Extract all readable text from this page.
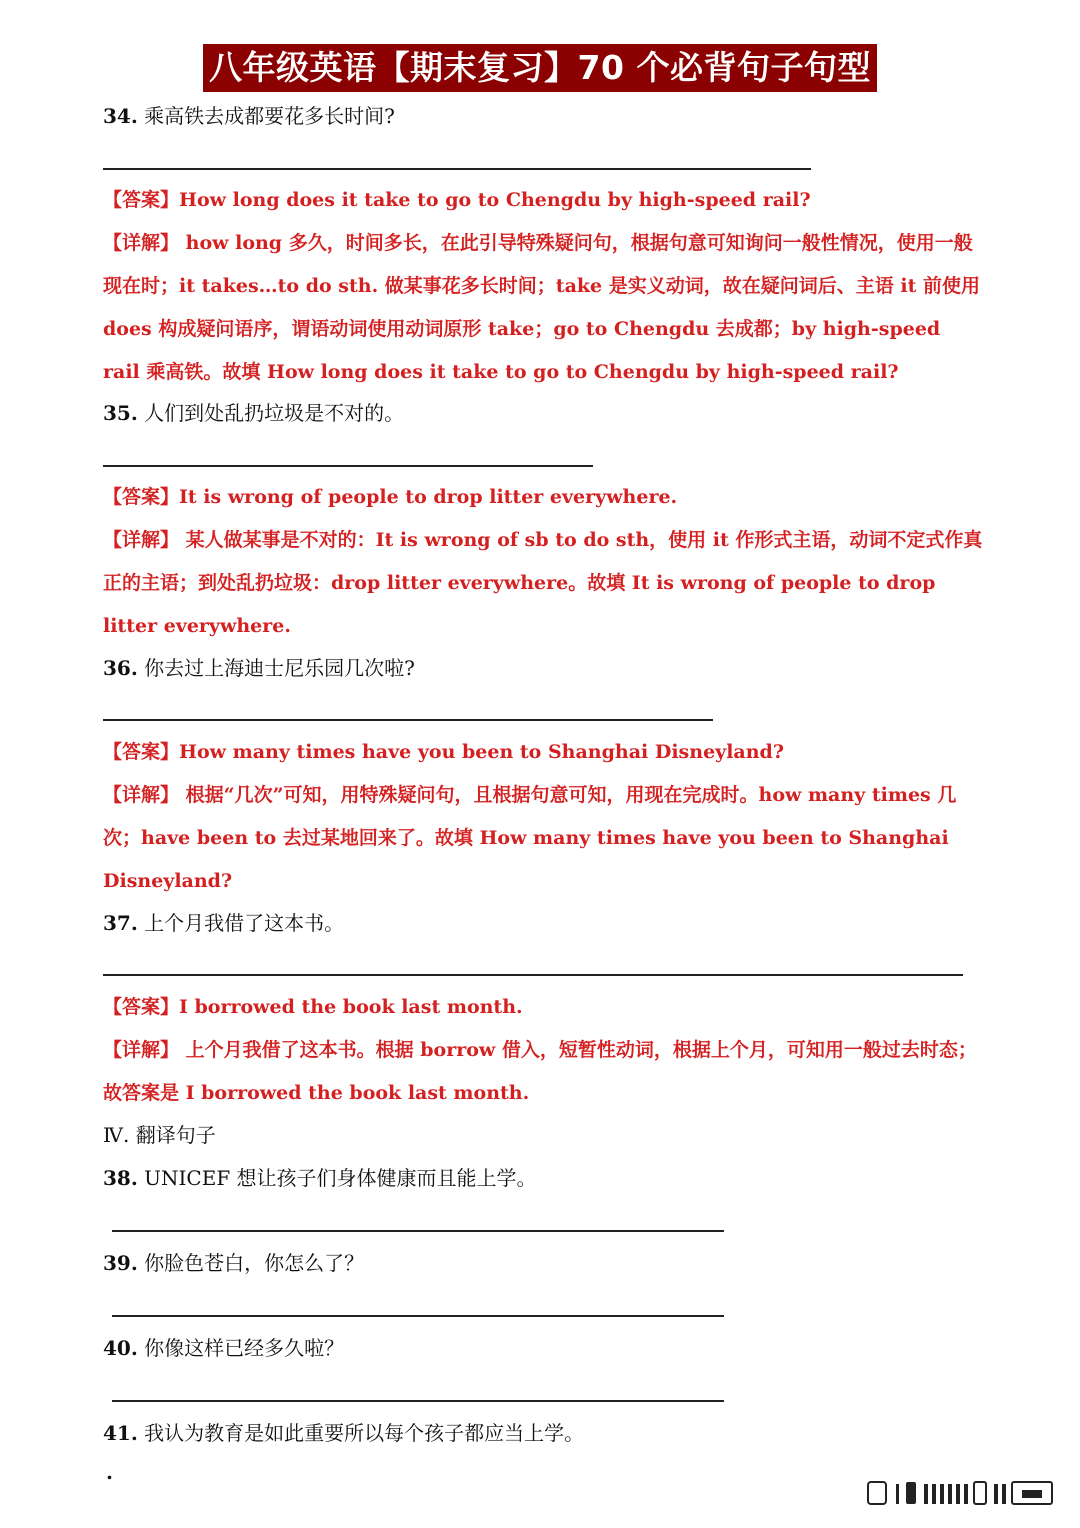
八年级英语【期末复习】70 个必背句子句型
34. 乘高铁去成都要花多长时间?
【答案】How long does it take to go to Chengdu by high-speed rail?
【详解】 how long 多久，时间多长，在此引导特殊疑问句，根据句意可知询问一般性情况，使用一般现在时；it takes…to do sth. 做某事花多长时间；take 是实义动词，故在疑问词后、主语 it 前使用 does 构成疑问语序，谓语动词使用动词原形 take；go to Chengdu 去成都；by high-speed rail 乘高铁。故填 How long does it take to go to Chengdu by high-speed rail?
35. 人们到处乱扔垃圾是不对的。
【答案】It is wrong of people to drop litter everywhere.
【详解】 某人做某事是不对的：It is wrong of sb to do sth，使用 it 作形式主语，动词不定式作真正的主语；到处乱扔垃圾：drop litter everywhere。故填 It is wrong of people to drop litter everywhere.
36. 你去过上海迪士尼乐园几次啦?
【答案】How many times have you been to Shanghai Disneyland?
【详解】 根据“几次”可知，用特殊疑问句，且根据句意可知，用现在完成时。how many times 几次；have been to 去过某地回来了。故填 How many times have you been to Shanghai Disneyland?
37. 上个月我借了这本书。
【答案】I borrowed the book last month.
【详解】 上个月我借了这本书。根据 borrow 借入，短暂性动词，根据上个月，可知用一般过去时态；故答案是 I borrowed the book last month.
Ⅳ. 翻译句子
38. UNICEF 想让孩子们身体健康而且能上学。
39. 你脸色苍白，你怎么了？
40. 你像这样已经多久啦？
41. 我认为教育是如此重要所以每个孩子都应当上学。
.
